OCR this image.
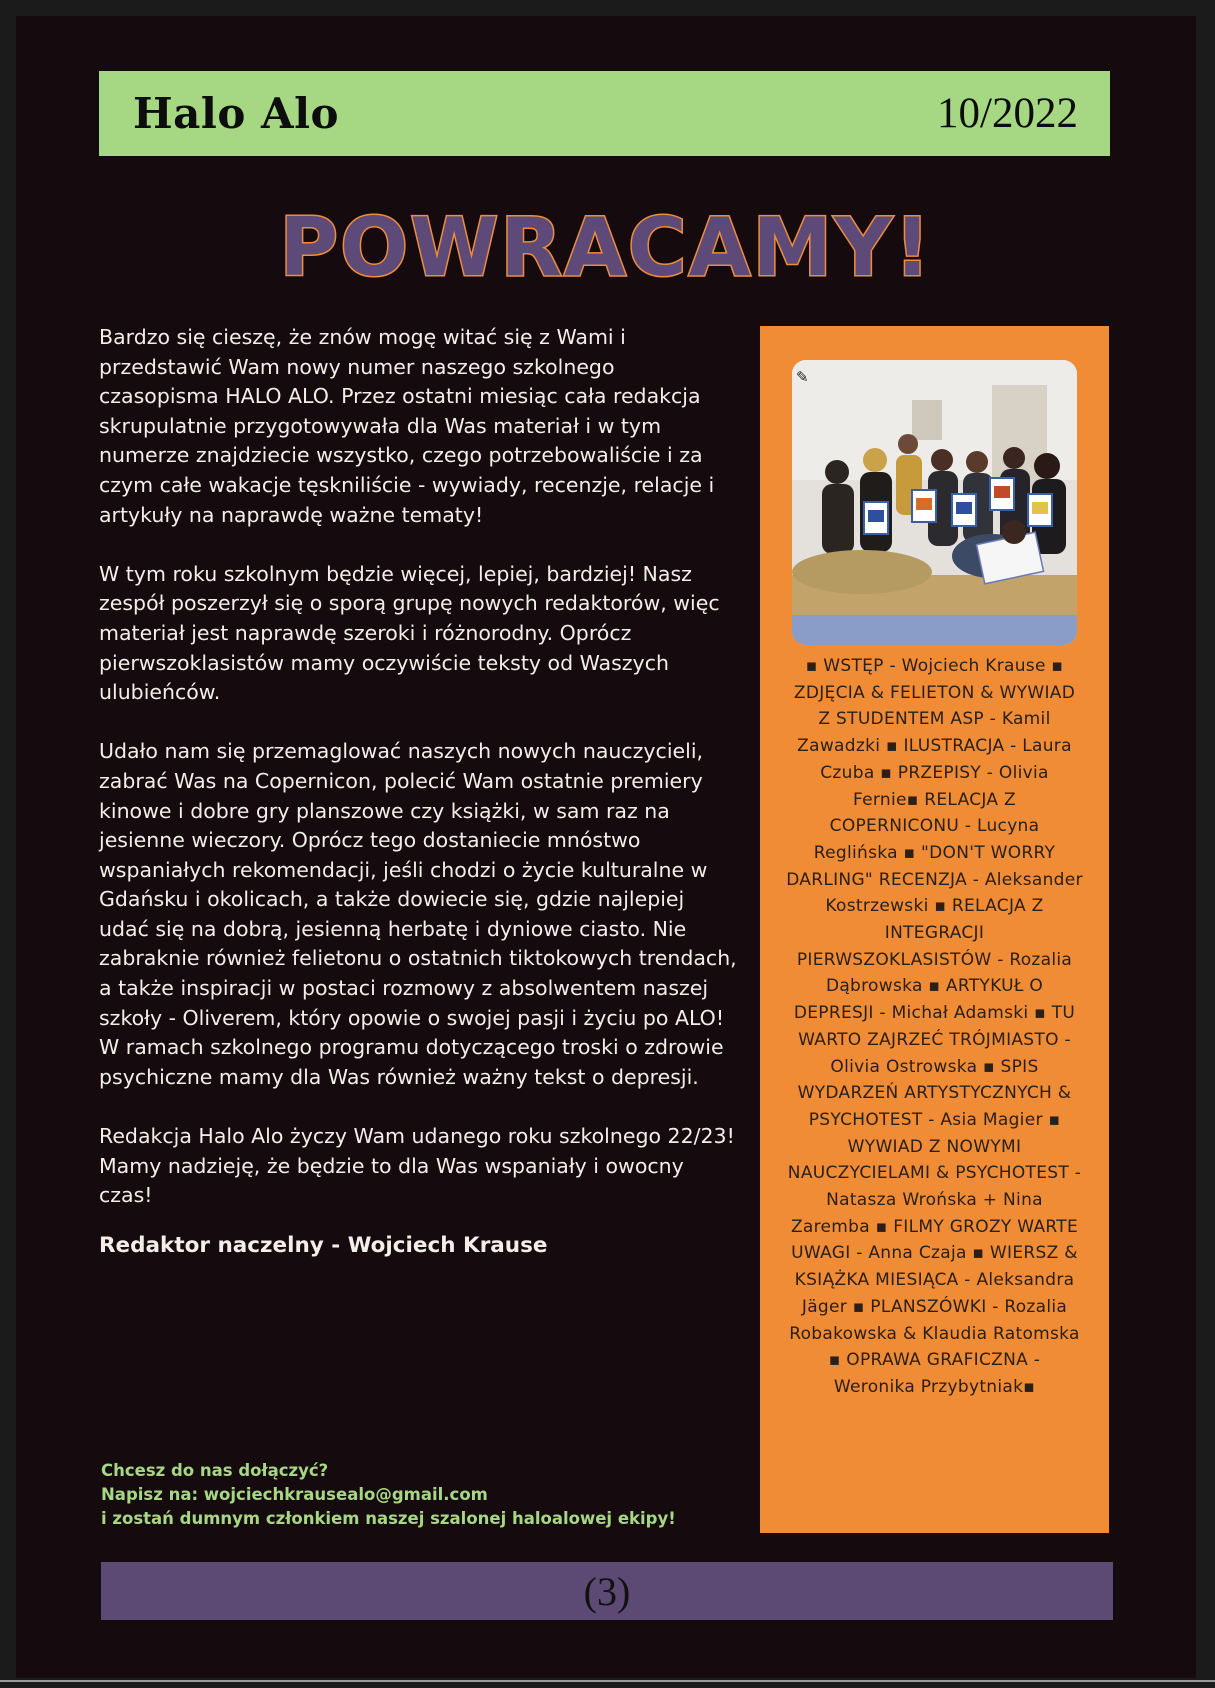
Halo Alo	10/2022
POWRACAMY!

Bardzo się cieszę, że znów mogę witać się z Wami i przedstawić Wam nowy numer naszego szkolnego czasopisma HALO ALO. Przez ostatni miesiąc cała redakcja skrupulatnie przygotowywała dla Was materiał i w tym numerze znajdziecie wszystko, czego potrzebowaliście i za czym całe wakacje tęskniliście - wywiady, recenzje, relacje i artykuły na naprawdę ważne tematy!

W tym roku szkolnym będzie więcej, lepiej, bardziej! Nasz zespół poszerzył się o sporą grupę nowych redaktorów, więc materiał jest naprawdę szeroki i różnorodny. Oprócz pierwszoklasistów mamy oczywiście teksty od Waszych ulubieńców.

Udało nam się przemaglować naszych nowych nauczycieli, zabrać Was na Copernicon, polecić Wam ostatnie premiery kinowe i dobre gry planszowe czy książki, w sam raz na jesienne wieczory. Oprócz tego dostaniecie mnóstwo wspaniałych rekomendacji, jeśli chodzi o życie kulturalne w Gdańsku i okolicach, a także dowiecie się, gdzie najlepiej udać się na dobrą, jesienną herbatę i dyniowe ciasto. Nie zabraknie również felietonu o ostatnich tiktokowych trendach, a także inspiracji w postaci rozmowy z absolwentem naszej szkoły - Oliverem, który opowie o swojej pasji i życiu po ALO! W ramach szkolnego programu dotyczącego troski o zdrowie psychiczne mamy dla Was również ważny tekst o depresji.

Redakcja Halo Alo życzy Wam udanego roku szkolnego 22/23! Mamy nadzieję, że będzie to dla Was wspaniały i owocny czas!

Redaktor naczelny - Wojciech Krause
Chcesz do nas dołączyć?
Napisz na: wojciechkrausealo@gmail.com
i zostań dumnym członkiem naszej szalonej haloalowej ekipy!
✎
▪ WSTĘP - Wojciech Krause ▪ ZDJĘCIA & FELIETON & WYWIAD Z STUDENTEM ASP - Kamil Zawadzki ▪ ILUSTRACJA - Laura Czuba ▪ PRZEPISY - Olivia Fernie▪ RELACJA Z COPERNICONU - Lucyna Reglińska ▪ "DON'T WORRY DARLING" RECENZJA - Aleksander Kostrzewski ▪ RELACJA Z INTEGRACJI PIERWSZOKLASISTÓW - Rozalia Dąbrowska ▪ ARTYKUŁ O DEPRESJI - Michał Adamski ▪ TU WARTO ZAJRZEĆ TRÓJMIASTO - Olivia Ostrowska ▪ SPIS WYDARZEŃ ARTYSTYCZNYCH & PSYCHOTEST - Asia Magier ▪ WYWIAD Z NOWYMI NAUCZYCIELAMI & PSYCHOTEST - Natasza Wrońska + Nina Zaremba ▪ FILMY GROZY WARTE UWAGI - Anna Czaja ▪ WIERSZ & KSIĄŻKA MIESIĄCA - Aleksandra Jäger ▪ PLANSZÓWKI - Rozalia Robakowska & Klaudia Ratomska ▪ OPRAWA GRAFICZNA - Weronika Przybytniak▪
(3)
